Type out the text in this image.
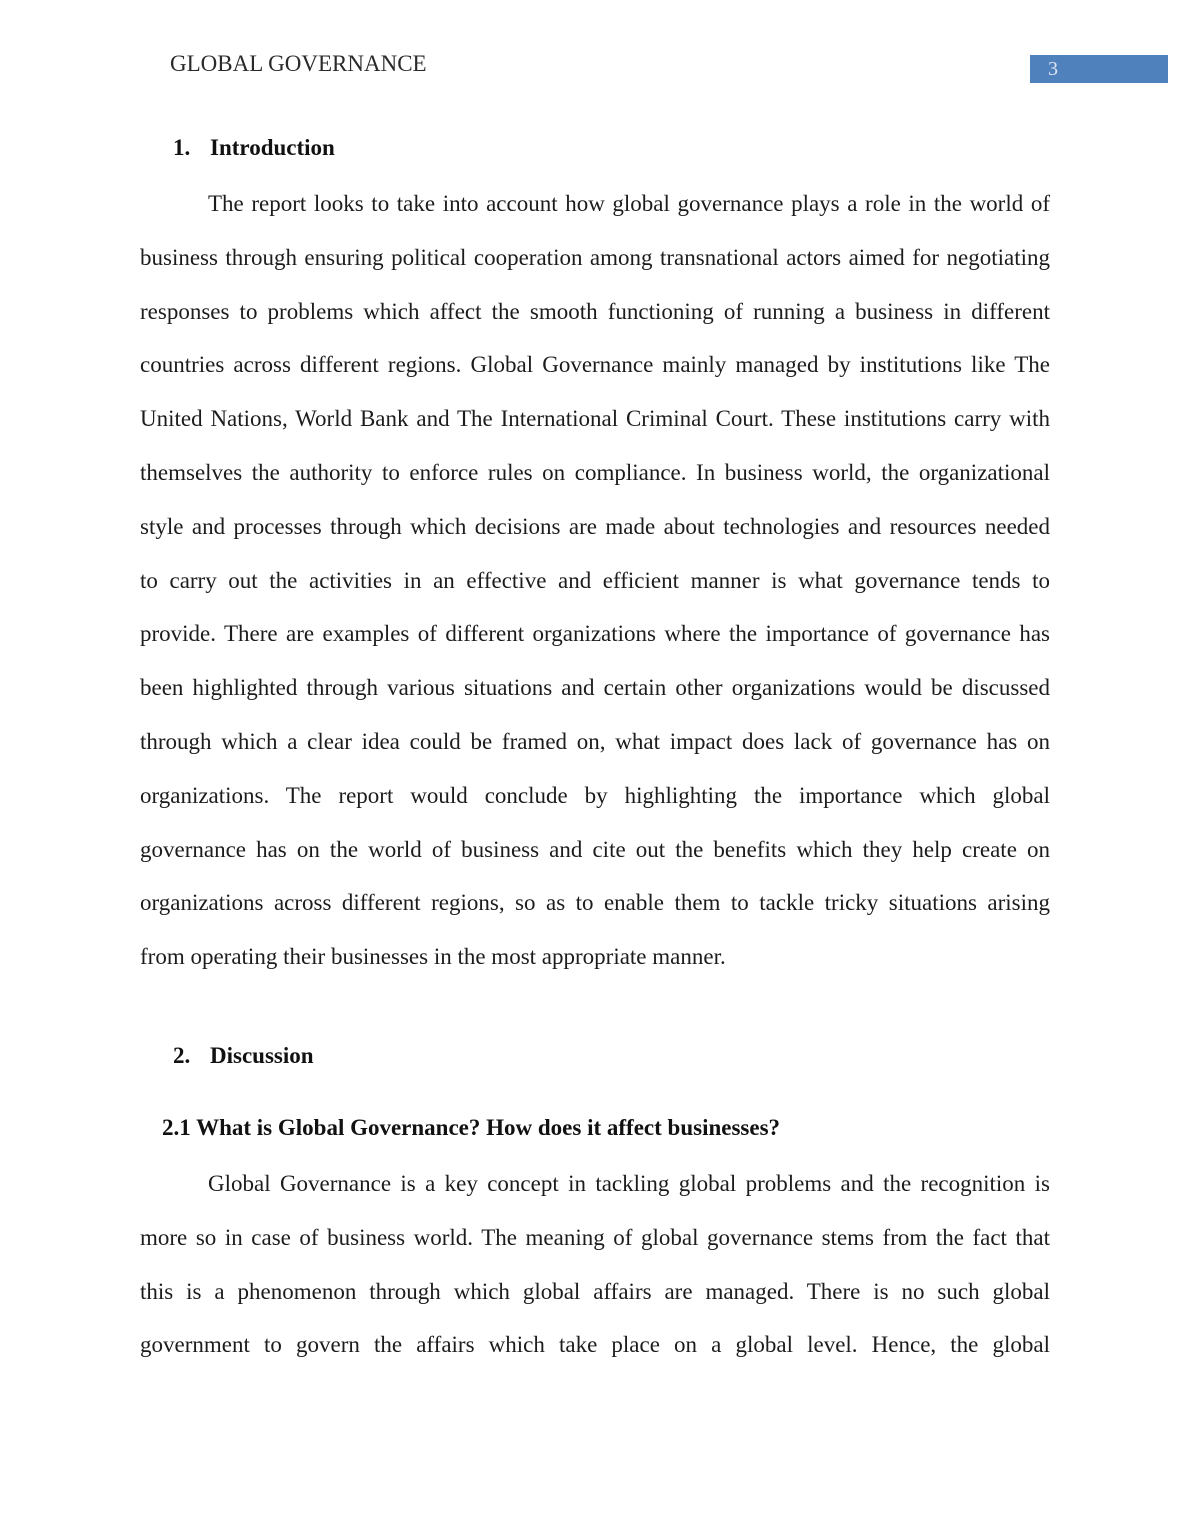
GLOBAL GOVERNANCE	3
1. Introduction
The report looks to take into account how global governance plays a role in the world of
business through ensuring political cooperation among transnational actors aimed for negotiating
responses to problems which affect the smooth functioning of running a business in different
countries across different regions. Global Governance mainly managed by institutions like The
United Nations, World Bank and The International Criminal Court. These institutions carry with
themselves the authority to enforce rules on compliance. In business world, the organizational
style and processes through which decisions are made about technologies and resources needed
to carry out the activities in an effective and efficient manner is what governance tends to
provide. There are examples of different organizations where the importance of governance has
been highlighted through various situations and certain other organizations would be discussed
through which a clear idea could be framed on, what impact does lack of governance has on
organizations. The report would conclude by highlighting the importance which global
governance has on the world of business and cite out the benefits which they help create on
organizations across different regions, so as to enable them to tackle tricky situations arising
from operating their businesses in the most appropriate manner.
2. Discussion
2.1 What is Global Governance? How does it affect businesses?
Global Governance is a key concept in tackling global problems and the recognition is
more so in case of business world. The meaning of global governance stems from the fact that
this is a phenomenon through which global affairs are managed. There is no such global
government to govern the affairs which take place on a global level. Hence, the global
